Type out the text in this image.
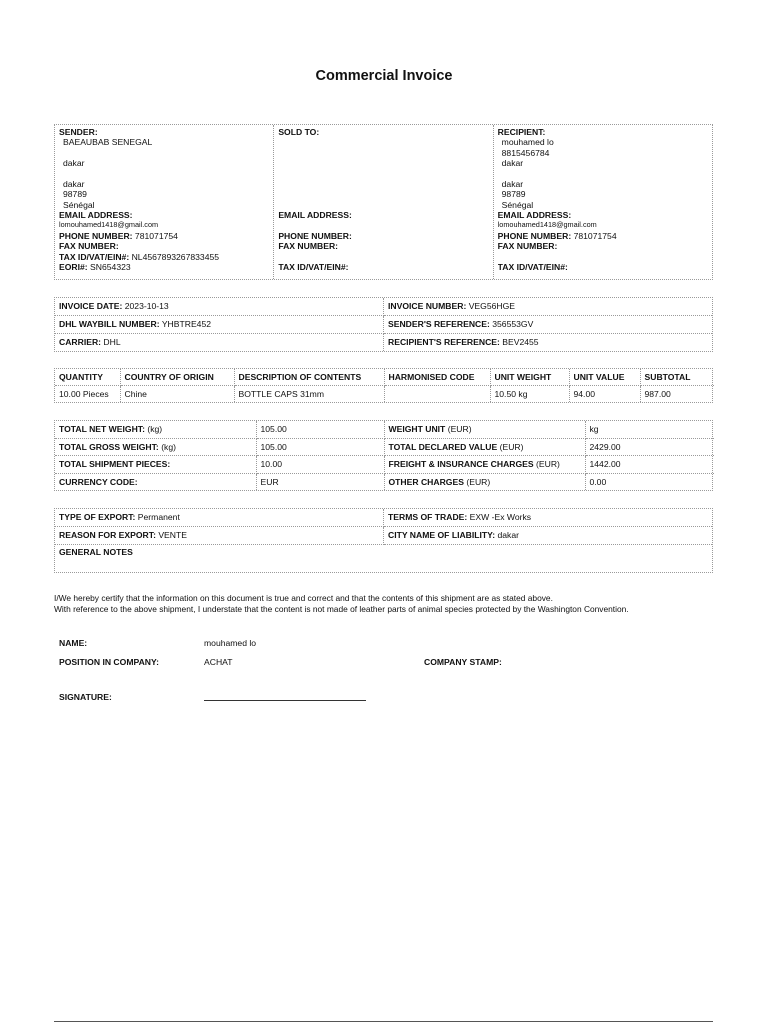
Commercial Invoice
SENDER:
BAEAUBAB SENEGAL
dakar
dakar
98789
Sénégal
EMAIL ADDRESS:
lomouhamed1418@gmail.com
PHONE NUMBER: 781071754
FAX NUMBER:
TAX ID/VAT/EIN#: NL4567893267833455
EORI#: SN654323
SOLD TO:
EMAIL ADDRESS:
PHONE NUMBER:
FAX NUMBER:
TAX ID/VAT/EIN#:
RECIPIENT:
mouhamed lo
8815456784
dakar
dakar
98789
Sénégal
EMAIL ADDRESS:
lomouhamed1418@gmail.com
PHONE NUMBER: 781071754
FAX NUMBER:
TAX ID/VAT/EIN#:
INVOICE DATE: 2023-10-13	INVOICE NUMBER: VEG56HGE
DHL WAYBILL NUMBER: YHBTRE452	SENDER'S REFERENCE: 356553GV
CARRIER: DHL	RECIPIENT'S REFERENCE: BEV2455
QUANTITY	COUNTRY OF ORIGIN	DESCRIPTION OF CONTENTS	HARMONISED CODE	UNIT WEIGHT	UNIT VALUE	SUBTOTAL
10.00 Pieces	Chine	BOTTLE CAPS 31mm		10.50 kg	94.00	987.00
TOTAL NET WEIGHT: (kg)	105.00	WEIGHT UNIT (EUR)	kg
TOTAL GROSS WEIGHT: (kg)	105.00	TOTAL DECLARED VALUE (EUR)	2429.00
TOTAL SHIPMENT PIECES:	10.00	FREIGHT & INSURANCE CHARGES (EUR)	1442.00
CURRENCY CODE:	EUR	OTHER CHARGES (EUR)	0.00
TYPE OF EXPORT: Permanent	TERMS OF TRADE: EXW -Ex Works
REASON FOR EXPORT: VENTE	CITY NAME OF LIABILITY: dakar
GENERAL NOTES	
I/We hereby certify that the information on this document is true and correct and that the contents of this shipment are as stated above.
With reference to the above shipment, I understate that the content is not made of leather parts of animal species protected by the Washington Convention.
NAME:	mouhamed lo
POSITION IN COMPANY:	ACHAT	COMPANY STAMP:
SIGNATURE:
